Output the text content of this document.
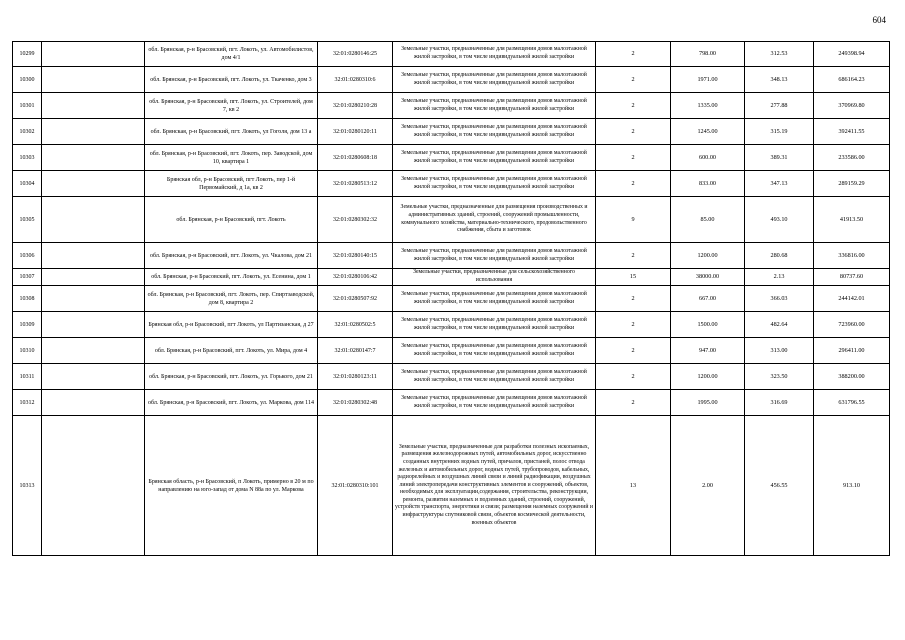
604
10299		обл. Брянская, р-н Брасовский, пгт. Локоть, ул. Автомобилистов, дом 4/1	32:01:0280146:25	Земельные участки, предназначенные для размещения домов малоэтажной жилой застройки, в том числе индивидуальной жилой застройки	2	798.00	312.53	249398.94
10300		обл. Брянская, р-н Брасовский, пгт. Локоть, ул. Ткаченко, дом 3	32:01:0280310:6	Земельные участки, предназначенные для размещения домов малоэтажной жилой застройки, в том числе индивидуальной жилой застройки	2	1971.00	348.13	686164.23
10301		обл. Брянская, р-н Брасовский, пгт. Локоть, ул. Строителей, дом 7, кв 2	32:01:0280210:28	Земельные участки, предназначенные для размещения домов малоэтажной жилой застройки, в том числе индивидуальной жилой застройки	2	1335.00	277.88	370969.80
10302		обл. Брянская, р-н Брасовский, пгт. Локоть, ул Гоголя, дом 13 а	32:01:0280120:11	Земельные участки, предназначенные для размещения домов малоэтажной жилой застройки, в том числе индивидуальной жилой застройки	2	1245.00	315.19	392411.55
10303		обл. Брянская, р-н Брасовский, пгт. Локоть, пер. Заводской, дом 10, квартира 1	32:01:0280608:18	Земельные участки, предназначенные для размещения домов малоэтажной жилой застройки, в том числе индивидуальной жилой застройки	2	600.00	389.31	233586.00
10304		Брянская обл, р-н Брасовский, пгт Локоть, пер 1-й Первомайский, д 1а, кв 2	32:01:0280513:12	Земельные участки, предназначенные для размещения домов малоэтажной жилой застройки, в том числе индивидуальной жилой застройки	2	833.00	347.13	289159.29
10305		обл. Брянская, р-н Брасовский, пгт. Локоть	32:01:0280302:32	Земельные участки, предназначенные для размещения производственных и административных зданий, строений, сооружений промышленности, коммунального хозяйства, материально-технического, продовольственного снабжения, сбыта и заготовок	9	85.00	493.10	41913.50
10306		обл. Брянская, р-н Брасовский, пгт. Локоть, ул. Чкалова, дом 21	32:01:0280140:15	Земельные участки, предназначенные для размещения домов малоэтажной жилой застройки, в том числе индивидуальной жилой застройки	2	1200.00	280.68	336816.00
10307		обл. Брянская, р-н Брасовский, пгт. Локоть, ул. Есенина, дом 1	32:01:0280106:42	Земельные участки, предназначенные для сельскохозяйственного использования	15	38000.00	2.13	80737.60
10308		обл. Брянская, р-н Брасовский, пгт. Локоть, пер. Спиртзаводской, дом 8, квартира 2	32:01:0280507:92	Земельные участки, предназначенные для размещения домов малоэтажной жилой застройки, в том числе индивидуальной жилой застройки	2	667.00	366.03	244142.01
10309		Брянская обл, р-н Брасовский, пгт Локоть, ул Партизанская, д 27	32:01:0280502:5	Земельные участки, предназначенные для размещения домов малоэтажной жилой застройки, в том числе индивидуальной жилой застройки	2	1500.00	482.64	723960.00
10310		обл. Брянская, р-н Брасовский, пгт. Локоть, ул. Мира, дом 4	32:01:0280147:7	Земельные участки, предназначенные для размещения домов малоэтажной жилой застройки, в том числе индивидуальной жилой застройки	2	947.00	313.00	296411.00
10311		обл. Брянская, р-н Брасовский, пгт. Локоть, ул. Горького, дом 21	32:01:0280123:11	Земельные участки, предназначенные для размещения домов малоэтажной жилой застройки, в том числе индивидуальной жилой застройки	2	1200.00	323.50	388200.00
10312		обл. Брянская, р-н Брасовский, пгт. Локоть, ул. Маркова, дом 114	32:01:0280302:48	Земельные участки, предназначенные для размещения домов малоэтажной жилой застройки, в том числе индивидуальной жилой застройки	2	1995.00	316.69	631796.55
10313		Брянская область, р-н Брасовский, п Локоть, примерно в 20 м по направлению на юго-запад от дома N 88а по ул. Маркова	32:01:0280310:101	Земельные участки, предназначенные для разработки полезных ископаемых, размещения железнодорожных путей, автомобильных дорог, искусственно созданных внутренних водных путей, причалов, пристаней, полос отвода железных и автомобильных дорог, водных путей, трубопроводов, кабельных, радиорелейных и воздушных линий связи и линий радиофикации, воздушных линий электропередачи конструктивных элементов и сооружений, объектов, необходимых для эксплуатации,содержания, строительства, реконструкции, ремонта, развития наземных и подземных зданий, строений, сооружений, устройств транспорта, энергетики и связи; размещения наземных сооружений и инфраструктуры спутниковой связи, объектов космической деятельности, военных объектов	13	2.00	456.55	913.10
